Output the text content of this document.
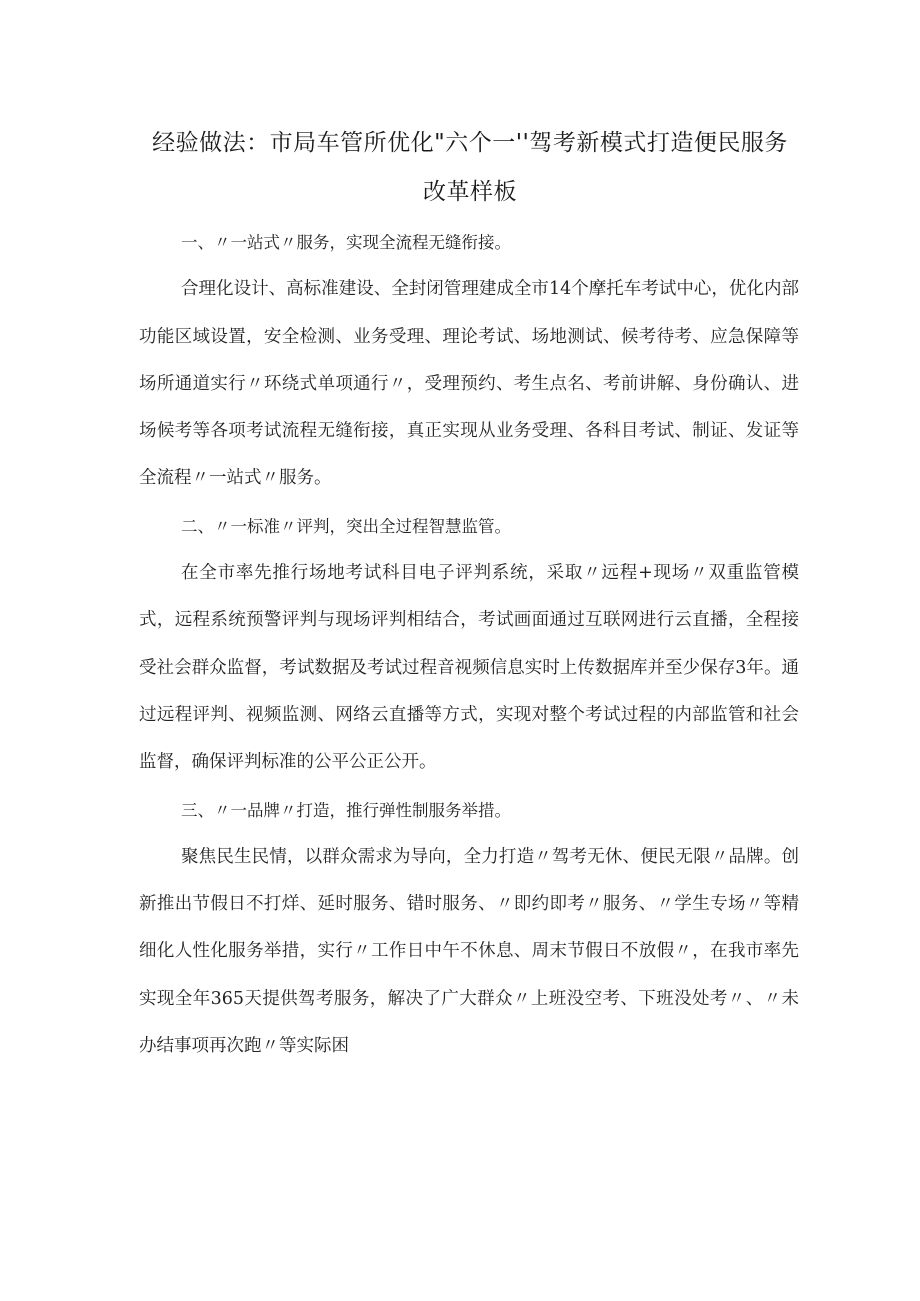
经验做法：市局车管所优化"六个一''驾考新模式打造便民服务
改革样板

一、〃一站式〃服务，实现全流程无缝衔接。

合理化设计、高标准建设、全封闭管理建成全市14个摩托车考试中心，优化内部功能区域设置，安全检测、业务受理、理论考试、场地测试、候考待考、应急保障等场所通道实行〃环绕式单项通行〃，受理预约、考生点名、考前讲解、身份确认、进场候考等各项考试流程无缝衔接，真正实现从业务受理、各科目考试、制证、发证等全流程〃一站式〃服务。

二、〃一标准〃评判，突出全过程智慧监管。

在全市率先推行场地考试科目电子评判系统，采取〃远程+现场〃双重监管模式，远程系统预警评判与现场评判相结合，考试画面通过互联网进行云直播，全程接受社会群众监督，考试数据及考试过程音视频信息实时上传数据库并至少保存3年。通过远程评判、视频监测、网络云直播等方式，实现对整个考试过程的内部监管和社会监督，确保评判标准的公平公正公开。

三、〃一品牌〃打造，推行弹性制服务举措。

聚焦民生民情，以群众需求为导向，全力打造〃驾考无休、便民无限〃品牌。创新推出节假日不打烊、延时服务、错时服务、〃即约即考〃服务、〃学生专场〃等精细化人性化服务举措，实行〃工作日中午不休息、周末节假日不放假〃，在我市率先实现全年365天提供驾考服务，解决了广大群众〃上班没空考、下班没处考〃、〃未办结事项再次跑〃等实际困
